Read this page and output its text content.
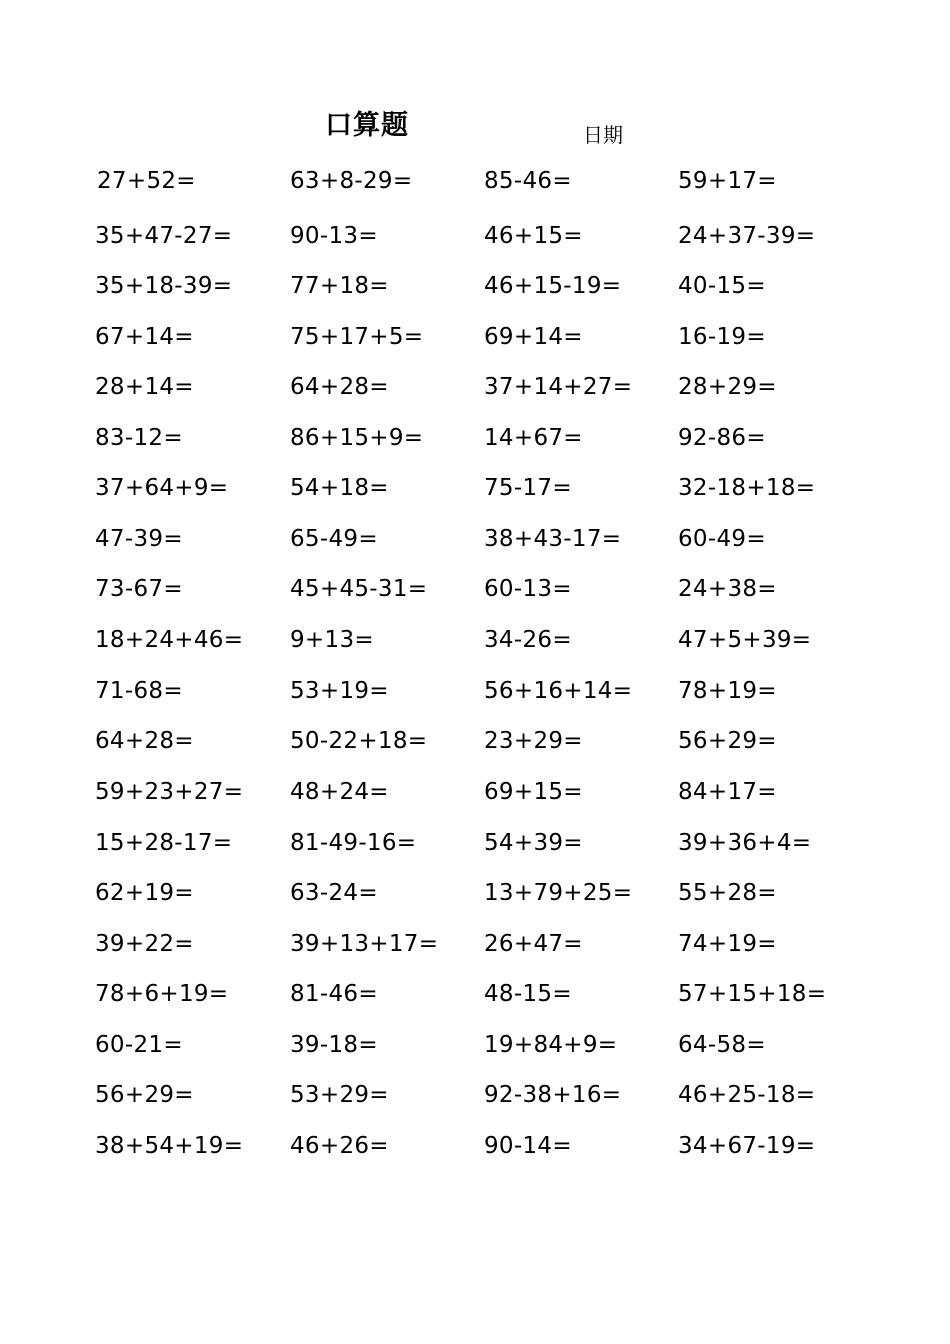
口算题	日期
27+52=	63+8-29=	85-46=	59+17=
35+47-27=	90-13=	46+15=	24+37-39=
35+18-39=	77+18=	46+15-19= 40-15=
67+14=	75+17+5=	69+14=	16-19=
28+14=	64+28=	37+14+27= 28+29=
83-12=	86+15+9=	14+67=	92-86=
37+64+9=	54+18=	75-17=	32-18+18=
47-39=	65-49=	38+43-17= 60-49=
73-67=	45+45-31= 60-13=	24+38=
18+24+46= 9+13=	34-26=	47+5+39=
71-68=	53+19=	56+16+14= 78+19=
64+28=	50-22+18= 23+29=	56+29=
59+23+27= 48+24=	69+15=	84+17=
15+28-17=	81-49-16=	54+39=	39+36+4=
62+19=	63-24=	13+79+25= 55+28=
39+22=	39+13+17= 26+47=	74+19=
78+6+19=	81-46=	48-15=	57+15+18=
60-21=	39-18=	19+84+9=	64-58=
56+29=	53+29=	92-38+16= 46+25-18=
38+54+19= 46+26=	90-14=	34+67-19=
